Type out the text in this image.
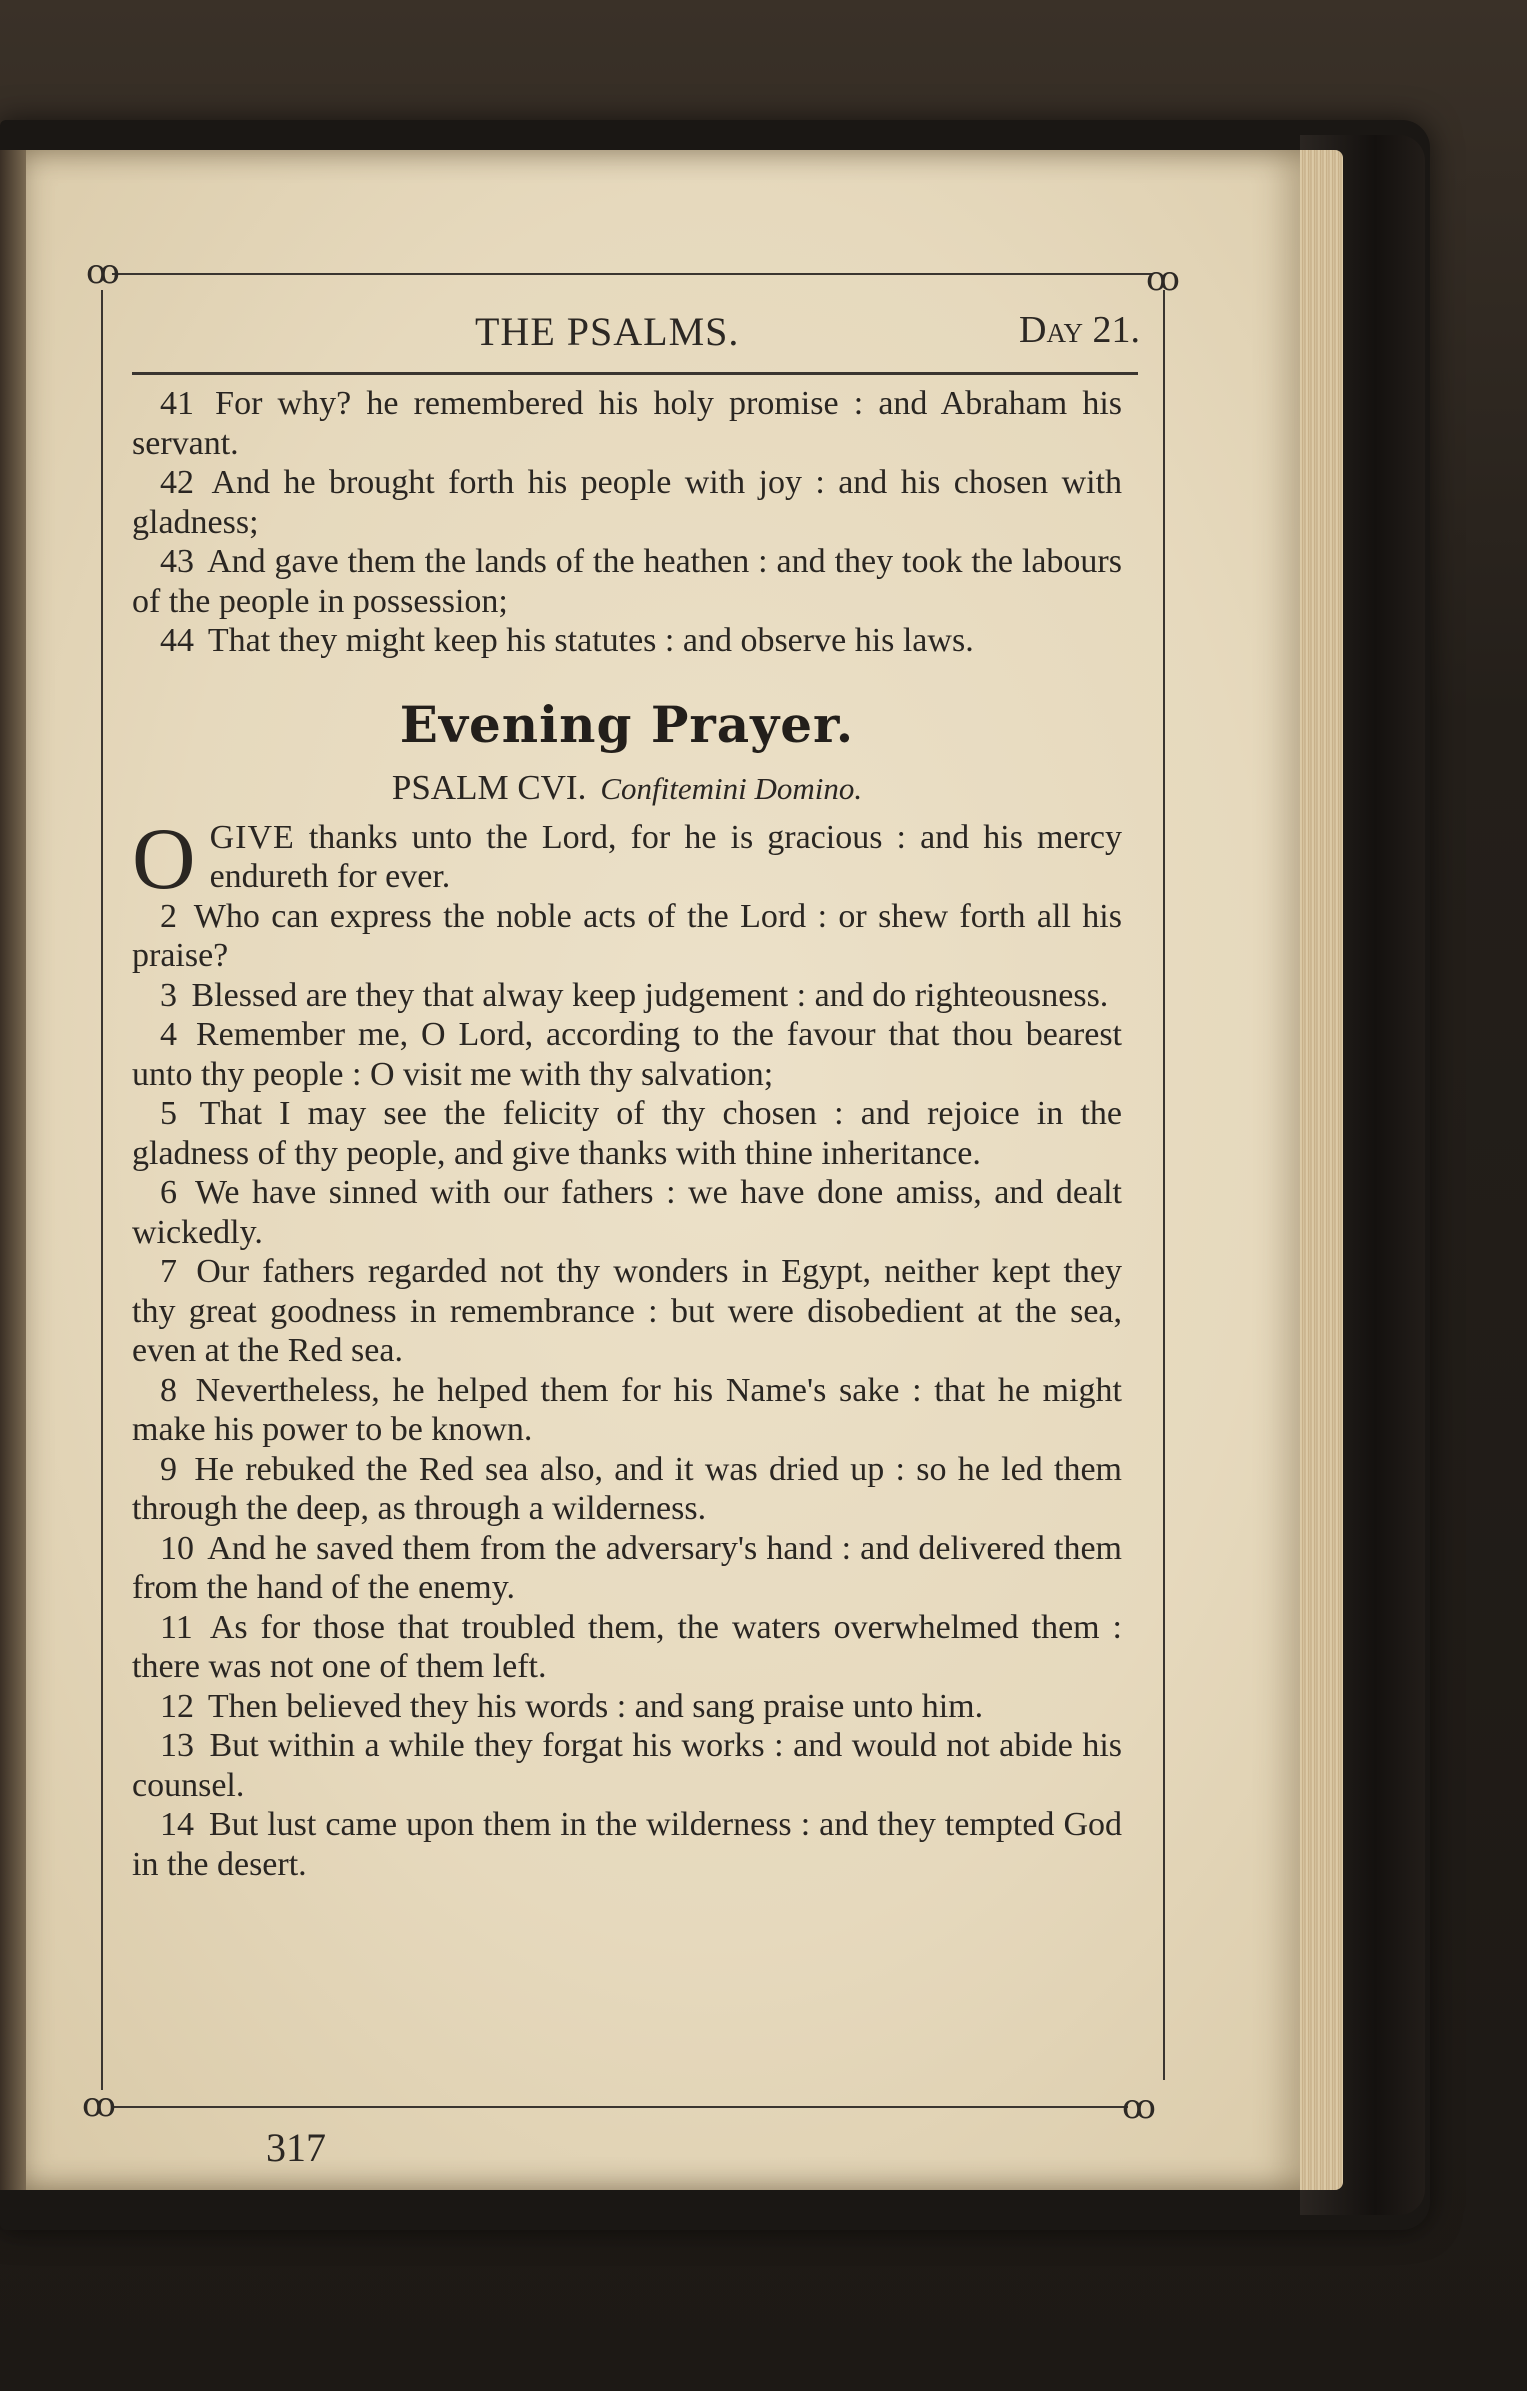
ꝏ	ꝏ
ꝏ	ꝏ
THE PSALMS.	Day 21.

41 For why? he remembered his holy promise : and Abraham his servant.

42 And he brought forth his people with joy : and his chosen with gladness;

43 And gave them the lands of the heathen : and they took the labours of the people in possession;

44 That they might keep his statutes : and observe his laws.

Evening Prayer.
PSALM CVI. Confitemini Domino.

OGIVE thanks unto the Lord, for he is gracious : and his mercy endureth for ever.

2 Who can express the noble acts of the Lord : or shew forth all his praise?

3 Blessed are they that alway keep judgement : and do righteousness.

4 Remember me, O Lord, according to the favour that thou bearest unto thy people : O visit me with thy salvation;

5 That I may see the felicity of thy chosen : and rejoice in the gladness of thy people, and give thanks with thine inheritance.

6 We have sinned with our fathers : we have done amiss, and dealt wickedly.

7 Our fathers regarded not thy wonders in Egypt, neither kept they thy great goodness in remembrance : but were disobedient at the sea, even at the Red sea.

8 Nevertheless, he helped them for his Name's sake : that he might make his power to be known.

9 He rebuked the Red sea also, and it was dried up : so he led them through the deep, as through a wilderness.

10 And he saved them from the adversary's hand : and delivered them from the hand of the enemy.

11 As for those that troubled them, the waters overwhelmed them : there was not one of them left.

12 Then believed they his words : and sang praise unto him.

13 But within a while they forgat his works : and would not abide his counsel.

14 But lust came upon them in the wilderness : and they tempted God in the desert.

317
